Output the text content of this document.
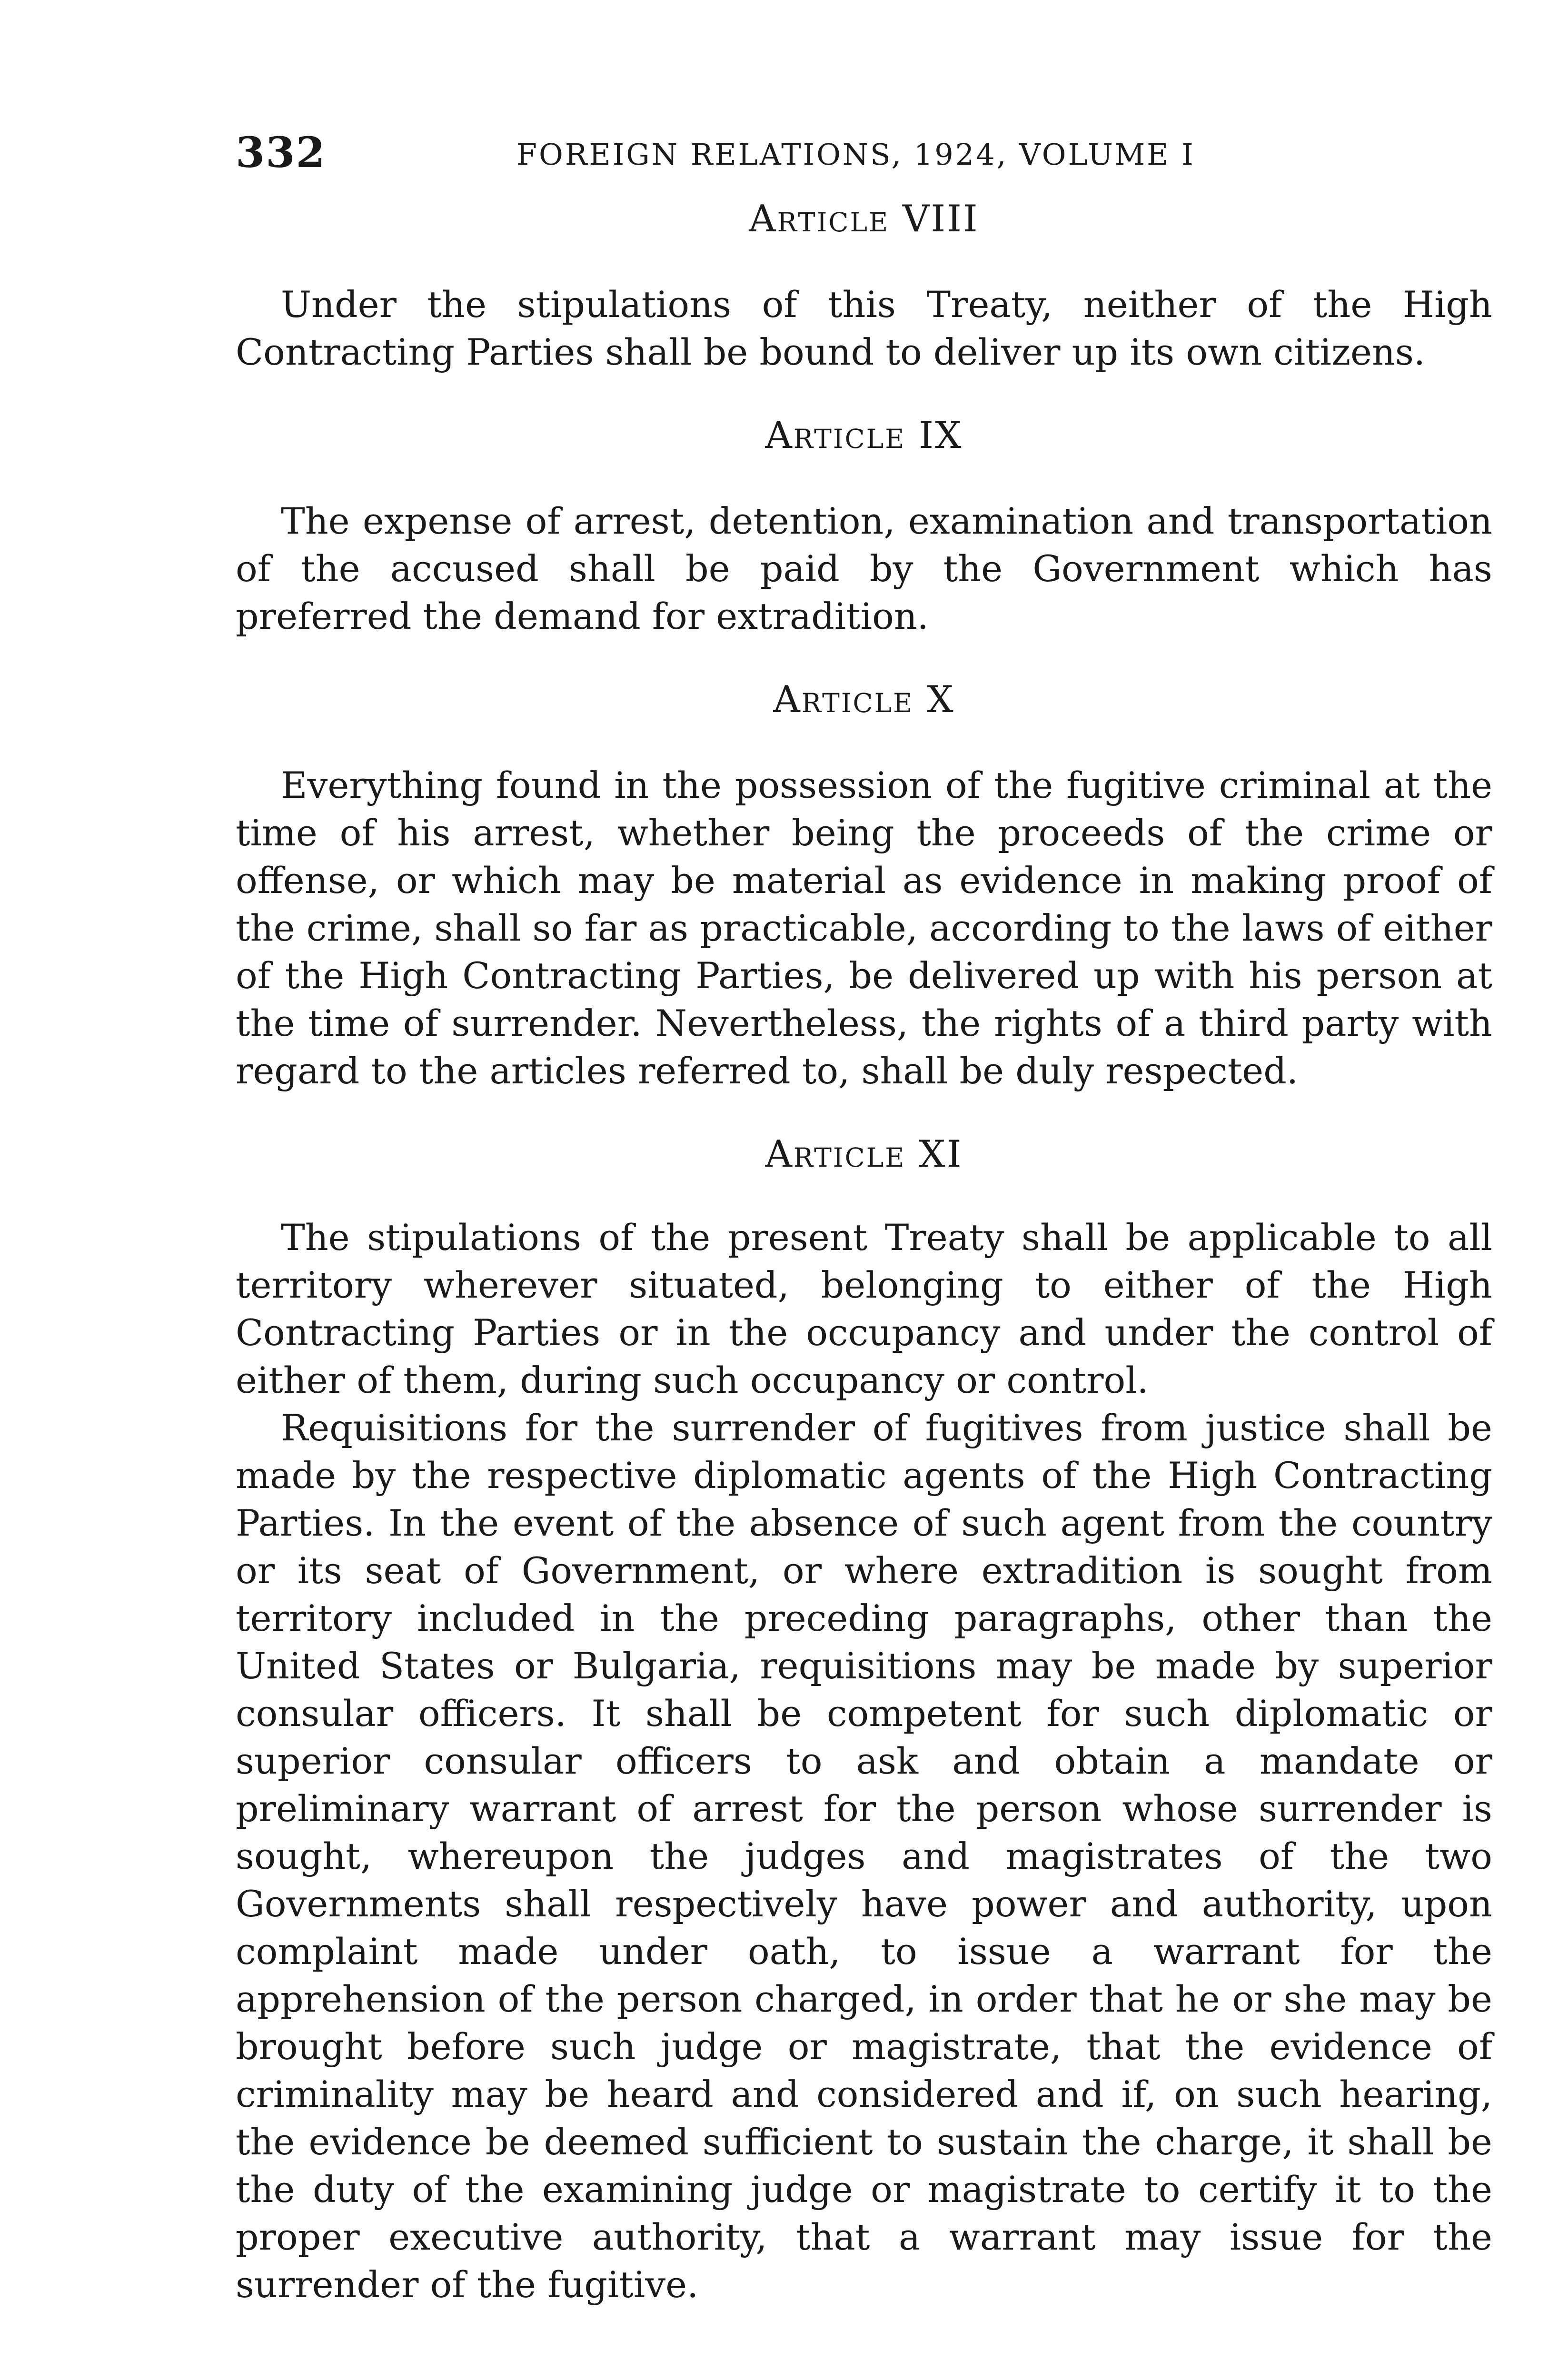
332	FOREIGN RELATIONS, 1924, VOLUME I
Article VIII

Under the stipulations of this Treaty, neither of the High Contracting Parties shall be bound to deliver up its own citizens.

Article IX

The expense of arrest, detention, examination and transportation of the accused shall be paid by the Government which has preferred the demand for extradition.

Article X

Everything found in the possession of the fugitive criminal at the time of his arrest, whether being the proceeds of the crime or offense, or which may be material as evidence in making proof of the crime, shall so far as practicable, according to the laws of either of the High Contracting Parties, be delivered up with his person at the time of surrender. Nevertheless, the rights of a third party with regard to the articles referred to, shall be duly respected.

Article XI

The stipulations of the present Treaty shall be applicable to all territory wherever situated, belonging to either of the High Contracting Parties or in the occupancy and under the control of either of them, during such occupancy or control.

Requisitions for the surrender of fugitives from justice shall be made by the respective diplomatic agents of the High Contracting Parties. In the event of the absence of such agent from the country or its seat of Government, or where extradition is sought from territory included in the preceding paragraphs, other than the United States or Bulgaria, requisitions may be made by superior consular officers. It shall be competent for such diplomatic or superior consular officers to ask and obtain a mandate or preliminary warrant of arrest for the person whose surrender is sought, whereupon the judges and magistrates of the two Governments shall respectively have power and authority, upon complaint made under oath, to issue a warrant for the apprehension of the person charged, in order that he or she may be brought before such judge or magistrate, that the evidence of criminality may be heard and considered and if, on such hearing, the evidence be deemed sufficient to sustain the charge, it shall be the duty of the examining judge or magistrate to certify it to the proper executive authority, that a warrant may issue for the surrender of the fugitive.
